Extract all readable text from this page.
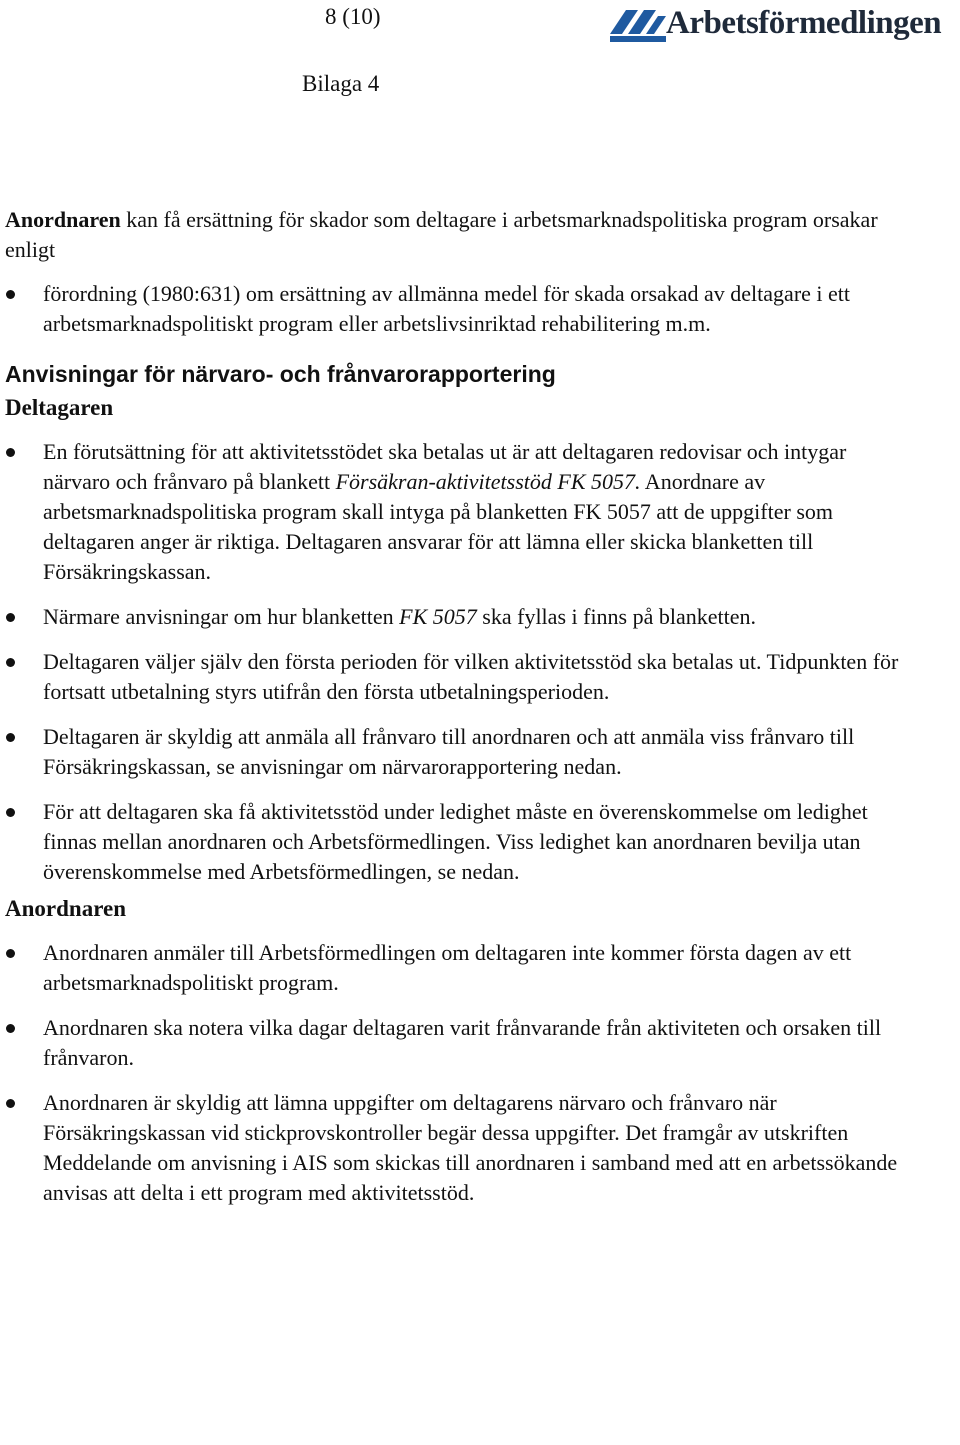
8 (10)	Arbetsförmedlingen
Bilaga 4

Anordnaren kan få ersättning för skador som deltagare i arbetsmarknadspolitiska program orsakar enligt

förordning (1980:631) om ersättning av allmänna medel för skada orsakad av deltagare i ett arbetsmarknadspolitiskt program eller arbetslivsinriktad rehabilitering m.m.
Anvisningar för närvaro- och frånvarorapportering
Deltagaren
En förutsättning för att aktivitetsstödet ska betalas ut är att deltagaren redovisar och intygar närvaro och frånvaro på blankett Försäkran-aktivitetsstöd FK 5057. Anordnare av arbetsmarknadspolitiska program skall intyga på blanketten FK 5057 att de uppgifter som deltagaren anger är riktiga. Deltagaren ansvarar för att lämna eller skicka blanketten till Försäkringskassan.
Närmare anvisningar om hur blanketten FK 5057 ska fyllas i finns på blanketten.
Deltagaren väljer själv den första perioden för vilken aktivitetsstöd ska betalas ut. Tidpunkten för fortsatt utbetalning styrs utifrån den första utbetalningsperioden.
Deltagaren är skyldig att anmäla all frånvaro till anordnaren och att anmäla viss frånvaro till Försäkringskassan, se anvisningar om närvarorapportering nedan.
För att deltagaren ska få aktivitetsstöd under ledighet måste en överenskommelse om ledighet finnas mellan anordnaren och Arbetsförmedlingen. Viss ledighet kan anordnaren bevilja utan överenskommelse med Arbetsförmedlingen, se nedan.
Anordnaren
Anordnaren anmäler till Arbetsförmedlingen om deltagaren inte kommer första dagen av ett arbetsmarknadspolitiskt program.
Anordnaren ska notera vilka dagar deltagaren varit frånvarande från aktiviteten och orsaken till frånvaron.
Anordnaren är skyldig att lämna uppgifter om deltagarens närvaro och frånvaro när Försäkringskassan vid stickprovskontroller begär dessa uppgifter. Det framgår av utskriften Meddelande om anvisning i AIS som skickas till anordnaren i samband med att en arbetssökande anvisas att delta i ett program med aktivitetsstöd.
